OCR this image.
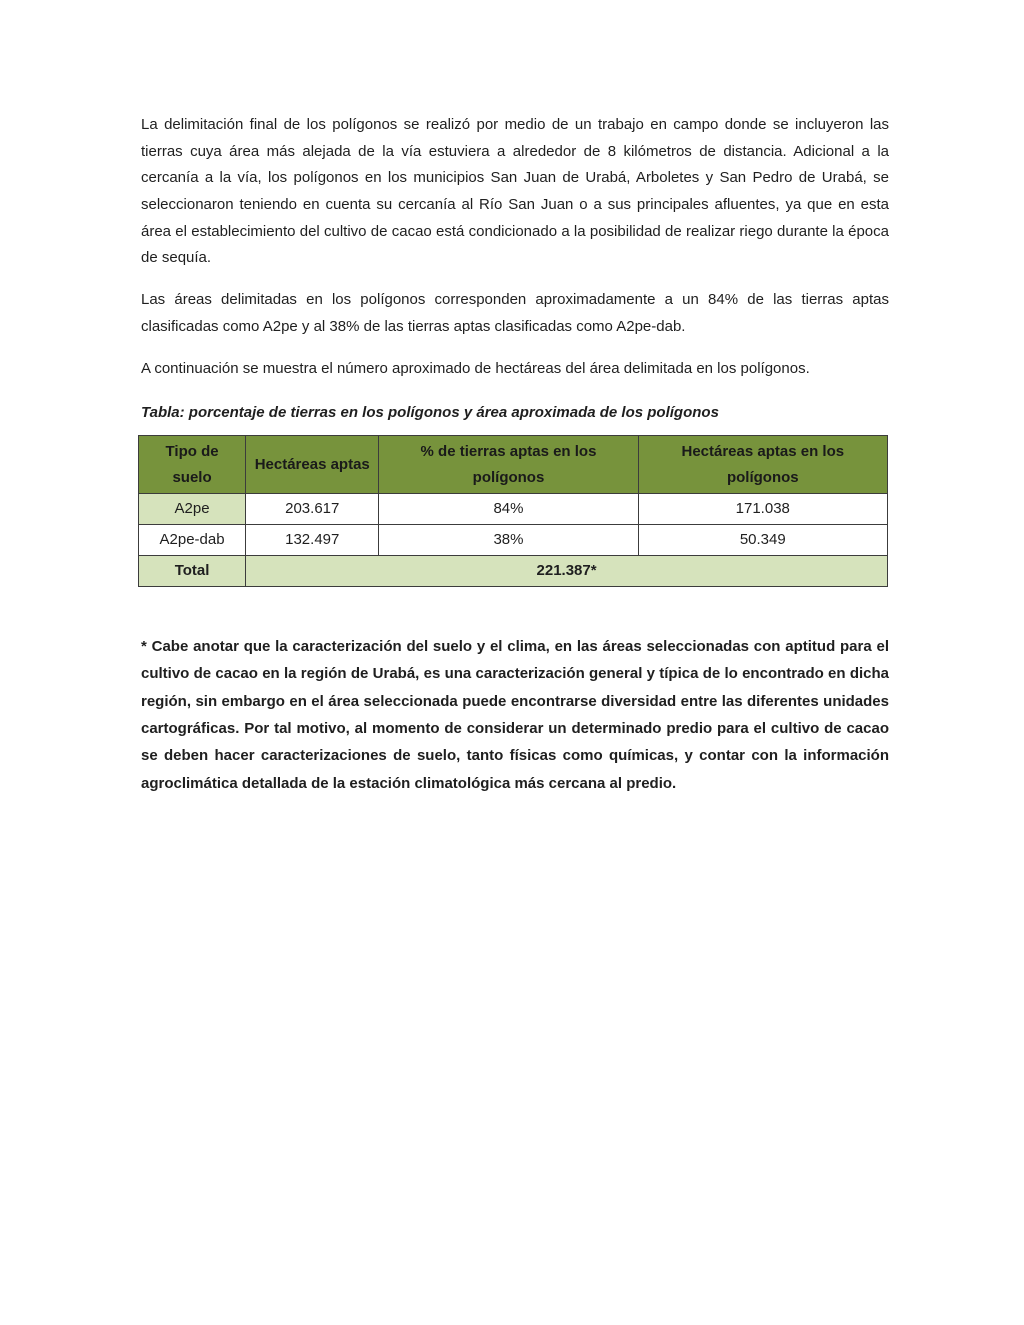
La delimitación final de los polígonos se realizó por medio de un trabajo en campo donde se incluyeron las tierras cuya área más alejada de la vía estuviera a alrededor de 8 kilómetros de distancia. Adicional a la cercanía a la vía, los polígonos en los municipios San Juan de Urabá, Arboletes y San Pedro de Urabá, se seleccionaron teniendo en cuenta su cercanía al Río San Juan o a sus principales afluentes, ya que en esta área el establecimiento del cultivo de cacao está condicionado a la posibilidad de realizar riego durante la época de sequía.

Las áreas delimitadas en los polígonos corresponden aproximadamente a un 84% de las tierras aptas clasificadas como A2pe y al 38% de las tierras aptas clasificadas como A2pe-dab.

A continuación se muestra el número aproximado de hectáreas del área delimitada en los polígonos.

Tabla: porcentaje de tierras en los polígonos y área aproximada de los polígonos
Tipo de suelo	Hectáreas aptas	% de tierras aptas en los polígonos	Hectáreas aptas en los polígonos
A2pe	203.617	84%	171.038
A2pe-dab	132.497	38%	50.349
Total	221.387*		

* Cabe anotar que la caracterización del suelo y el clima, en las áreas seleccionadas con aptitud para el cultivo de cacao en la región de Urabá, es una caracterización general y típica de lo encontrado en dicha región, sin embargo en el área seleccionada puede encontrarse diversidad entre las diferentes unidades cartográficas. Por tal motivo, al momento de considerar un determinado predio para el cultivo de cacao se deben hacer caracterizaciones de suelo, tanto físicas como químicas, y contar con la información agroclimática detallada de la estación climatológica más cercana al predio.
